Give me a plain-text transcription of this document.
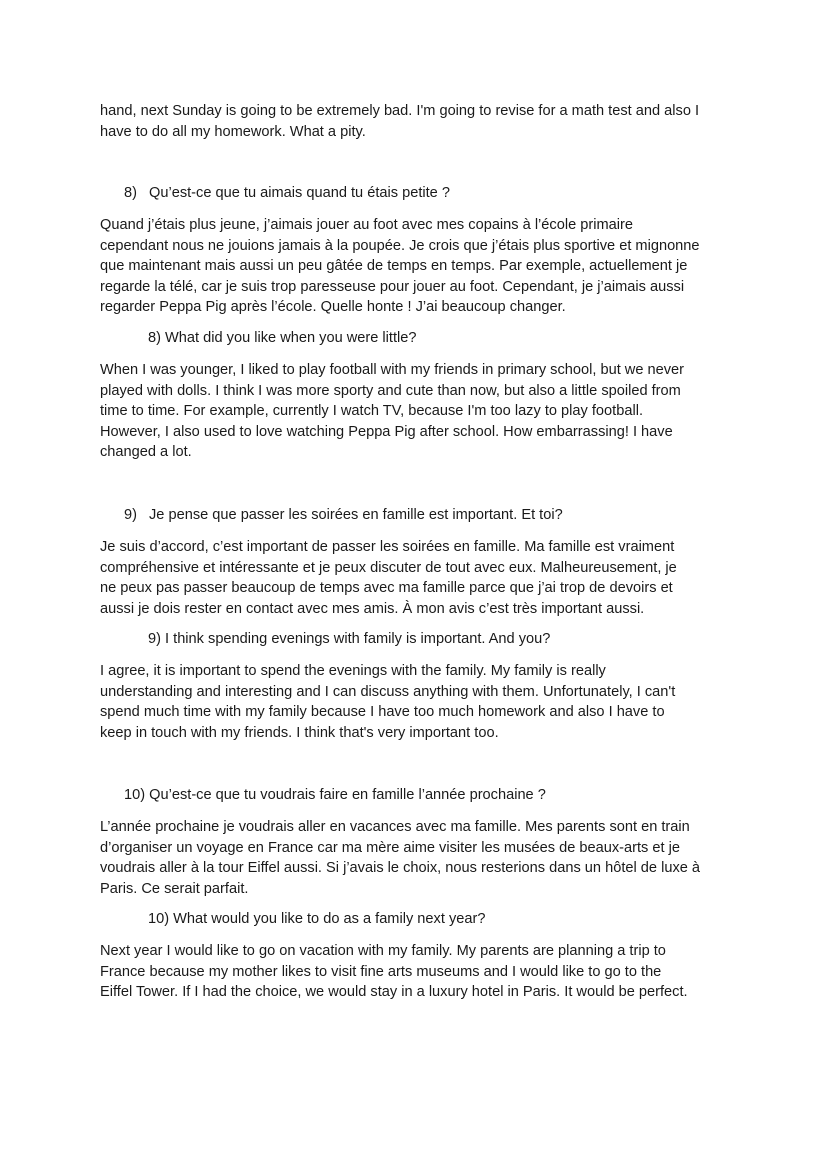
hand, next Sunday is going to be extremely bad. I'm going to revise for a math test and also I
have to do all my homework. What a pity.

8) Qu’est-ce que tu aimais quand tu étais petite ?

Quand j’étais plus jeune, j’aimais jouer au foot avec mes copains à l’école primaire
cependant nous ne jouions jamais à la poupée. Je crois que j’étais plus sportive et mignonne
que maintenant mais aussi un peu gâtée de temps en temps. Par exemple, actuellement je
regarde la télé, car je suis trop paresseuse pour jouer au foot. Cependant, je j’aimais aussi
regarder Peppa Pig après l’école. Quelle honte ! J’ai beaucoup changer.

8) What did you like when you were little?

When I was younger, I liked to play football with my friends in primary school, but we never
played with dolls. I think I was more sporty and cute than now, but also a little spoiled from
time to time. For example, currently I watch TV, because I'm too lazy to play football.
However, I also used to love watching Peppa Pig after school. How embarrassing! I have
changed a lot.

9) Je pense que passer les soirées en famille est important. Et toi?

Je suis d’accord, c’est important de passer les soirées en famille. Ma famille est vraiment
compréhensive et intéressante et je peux discuter de tout avec eux. Malheureusement, je
ne peux pas passer beaucoup de temps avec ma famille parce que j’ai trop de devoirs et
aussi je dois rester en contact avec mes amis. À mon avis c’est très important aussi.

9) I think spending evenings with family is important. And you?

I agree, it is important to spend the evenings with the family. My family is really
understanding and interesting and I can discuss anything with them. Unfortunately, I can't
spend much time with my family because I have too much homework and also I have to
keep in touch with my friends. I think that's very important too.

10) Qu’est-ce que tu voudrais faire en famille l’année prochaine ?

L’année prochaine je voudrais aller en vacances avec ma famille. Mes parents sont en train
d’organiser un voyage en France car ma mère aime visiter les musées de beaux-arts et je
voudrais aller à la tour Eiffel aussi. Si j’avais le choix, nous resterions dans un hôtel de luxe à
Paris. Ce serait parfait.

10) What would you like to do as a family next year?

Next year I would like to go on vacation with my family. My parents are planning a trip to
France because my mother likes to visit fine arts museums and I would like to go to the
Eiffel Tower. If I had the choice, we would stay in a luxury hotel in Paris. It would be perfect.
